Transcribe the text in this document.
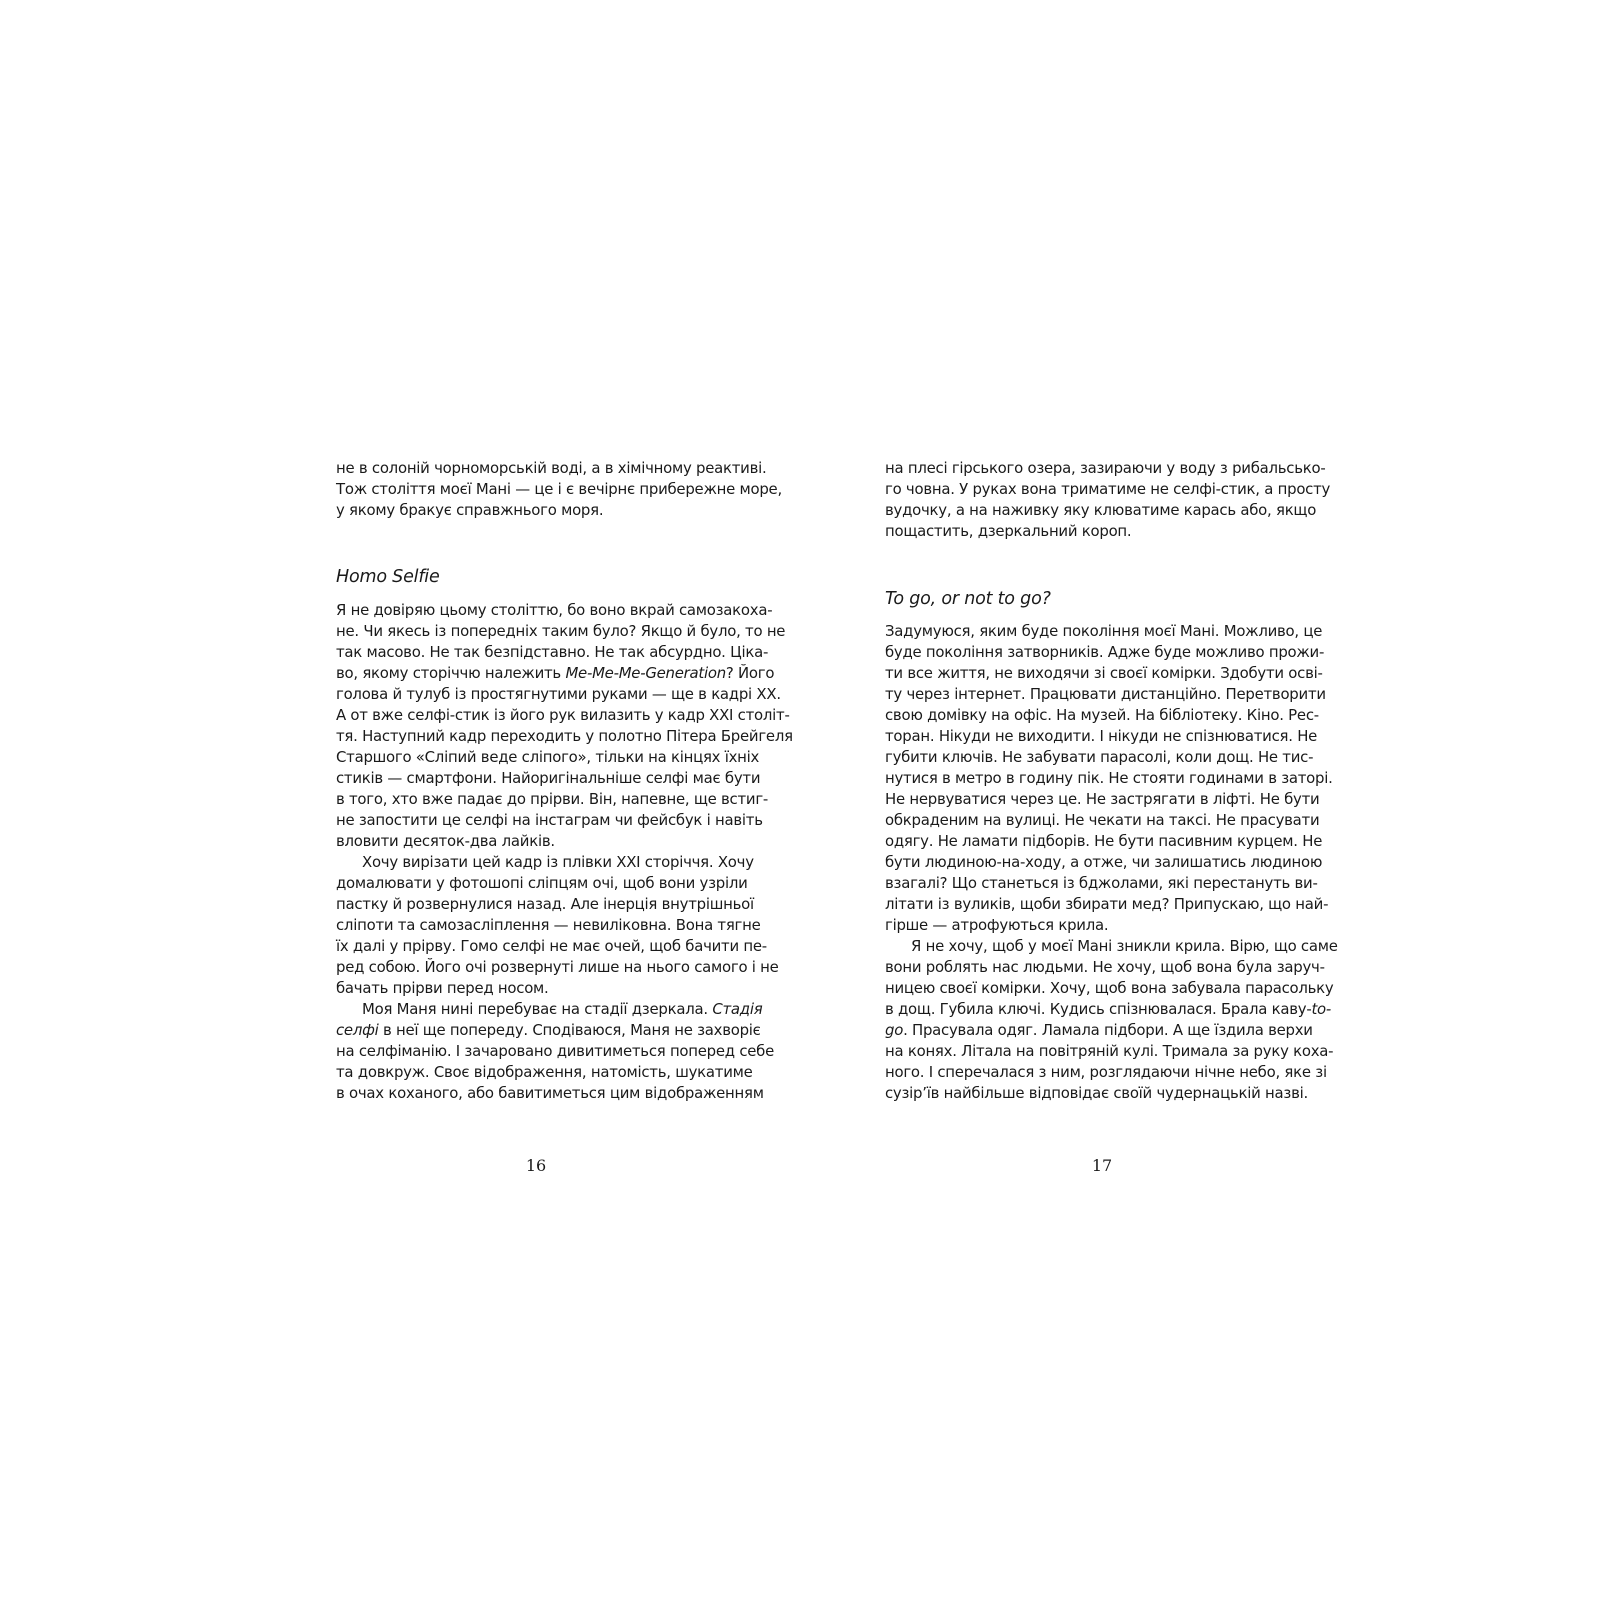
не в солоній чорноморській воді, а в хімічному реактиві.
Тож століття моєї Мані — це і є вечірнє прибережне море,
у якому бракує справжнього моря.
Homo Selfie
Я не довіряю цьому століттю, бо воно вкрай самозакоха-
не. Чи якесь із попередніх таким було? Якщо й було, то не
так масово. Не так безпідставно. Не так абсурдно. Ціка-
во, якому сторіччю належить Me-Me-Me-Generation? Його
голова й тулуб із простягнутими руками — ще в кадрі XX.
А от вже селфі-стик із його рук вилазить у кадр XXI століт-
тя. Наступний кадр переходить у полотно Пітера Брейгеля
Старшого «Сліпий веде сліпого», тільки на кінцях їхніх
стиків — смартфони. Найоригінальніше селфі має бути
в того, хто вже падає до прірви. Він, напевне, ще встиг-
не запостити це селфі на інстаграм чи фейсбук і навіть
вловити десяток-два лайків.
Хочу вирізати цей кадр із плівки XXI сторіччя. Хочу
домалювати у фотошопі сліпцям очі, щоб вони узріли
пастку й розвернулися назад. Але інерція внутрішньої
сліпоти та самозасліплення — невиліковна. Вона тягне
їх далі у прірву. Гомо селфі не має очей, щоб бачити пе-
ред собою. Його очі розвернуті лише на нього самого і не
бачать прірви перед носом.
Моя Маня нині перебуває на стадії дзеркала. Стадія
селфі в неї ще попереду. Сподіваюся, Маня не захворіє
на селфіманію. І зачаровано дивитиметься поперед себе
та довкруж. Своє відображення, натомість, шукатиме
в очах коханого, або бавитиметься цим відображенням
16
на плесі гірського озера, зазираючи у воду з рибальсько-
го човна. У руках вона триматиме не селфі-стик, а просту
вудочку, а на наживку яку клюватиме карась або, якщо
пощастить, дзеркальний короп.
To go, or not to go?
Задумуюся, яким буде покоління моєї Мані. Можливо, це
буде покоління затворників. Адже буде можливо прожи-
ти все життя, не виходячи зі своєї комірки. Здобути осві-
ту через інтернет. Працювати дистанційно. Перетворити
свою домівку на офіс. На музей. На бібліотеку. Кіно. Рес-
торан. Нікуди не виходити. І нікуди не спізнюватися. Не
губити ключів. Не забувати парасолі, коли дощ. Не тис-
нутися в метро в годину пік. Не стояти годинами в заторі.
Не нервуватися через це. Не застрягати в ліфті. Не бути
обкраденим на вулиці. Не чекати на таксі. Не прасувати
одягу. Не ламати підборів. Не бути пасивним курцем. Не
бути людиною-на-ходу, а отже, чи залишатись людиною
взагалі? Що станеться із бджолами, які перестануть ви-
літати із вуликів, щоби збирати мед? Припускаю, що най-
гірше — атрофуються крила.
Я не хочу, щоб у моєї Мані зникли крила. Вірю, що саме
вони роблять нас людьми. Не хочу, щоб вона була заруч-
ницею своєї комірки. Хочу, щоб вона забувала парасольку
в дощ. Губила ключі. Кудись спізнювалася. Брала каву-to-
go. Прасувала одяг. Ламала підбори. А ще їздила верхи
на конях. Літала на повітряній кулі. Тримала за руку коха-
ного. І сперечалася з ним, розглядаючи нічне небо, яке зі
сузір’їв найбільше відповідає своїй чудернацькій назві.
17
